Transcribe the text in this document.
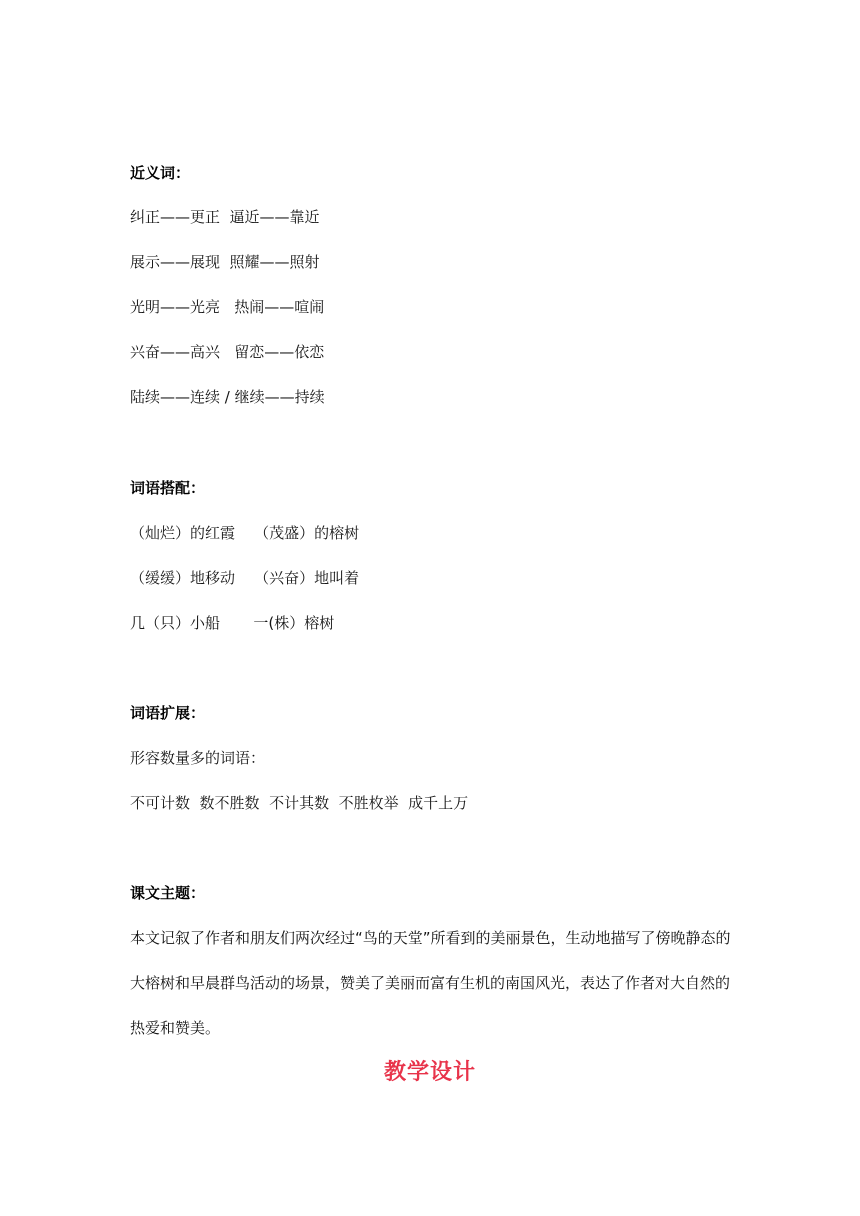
近义词：
纠正——更正  逼近——靠近
展示——展现  照耀——照射
光明——光亮   热闹——喧闹
兴奋——高兴   留恋——依恋
陆续——连续 / 继续——持续
词语搭配：
（灿烂）的红霞    （茂盛）的榕树
（缓缓）地移动    （兴奋）地叫着
几（只）小船       一(株）榕树
词语扩展：
形容数量多的词语：
不可计数  数不胜数  不计其数  不胜枚举  成千上万
课文主题：
本文记叙了作者和朋友们两次经过“鸟的天堂”所看到的美丽景色，生动地描写了傍晚静态的大榕树和早晨群鸟活动的场景，赞美了美丽而富有生机的南国风光，表达了作者对大自然的热爱和赞美。
教学设计
